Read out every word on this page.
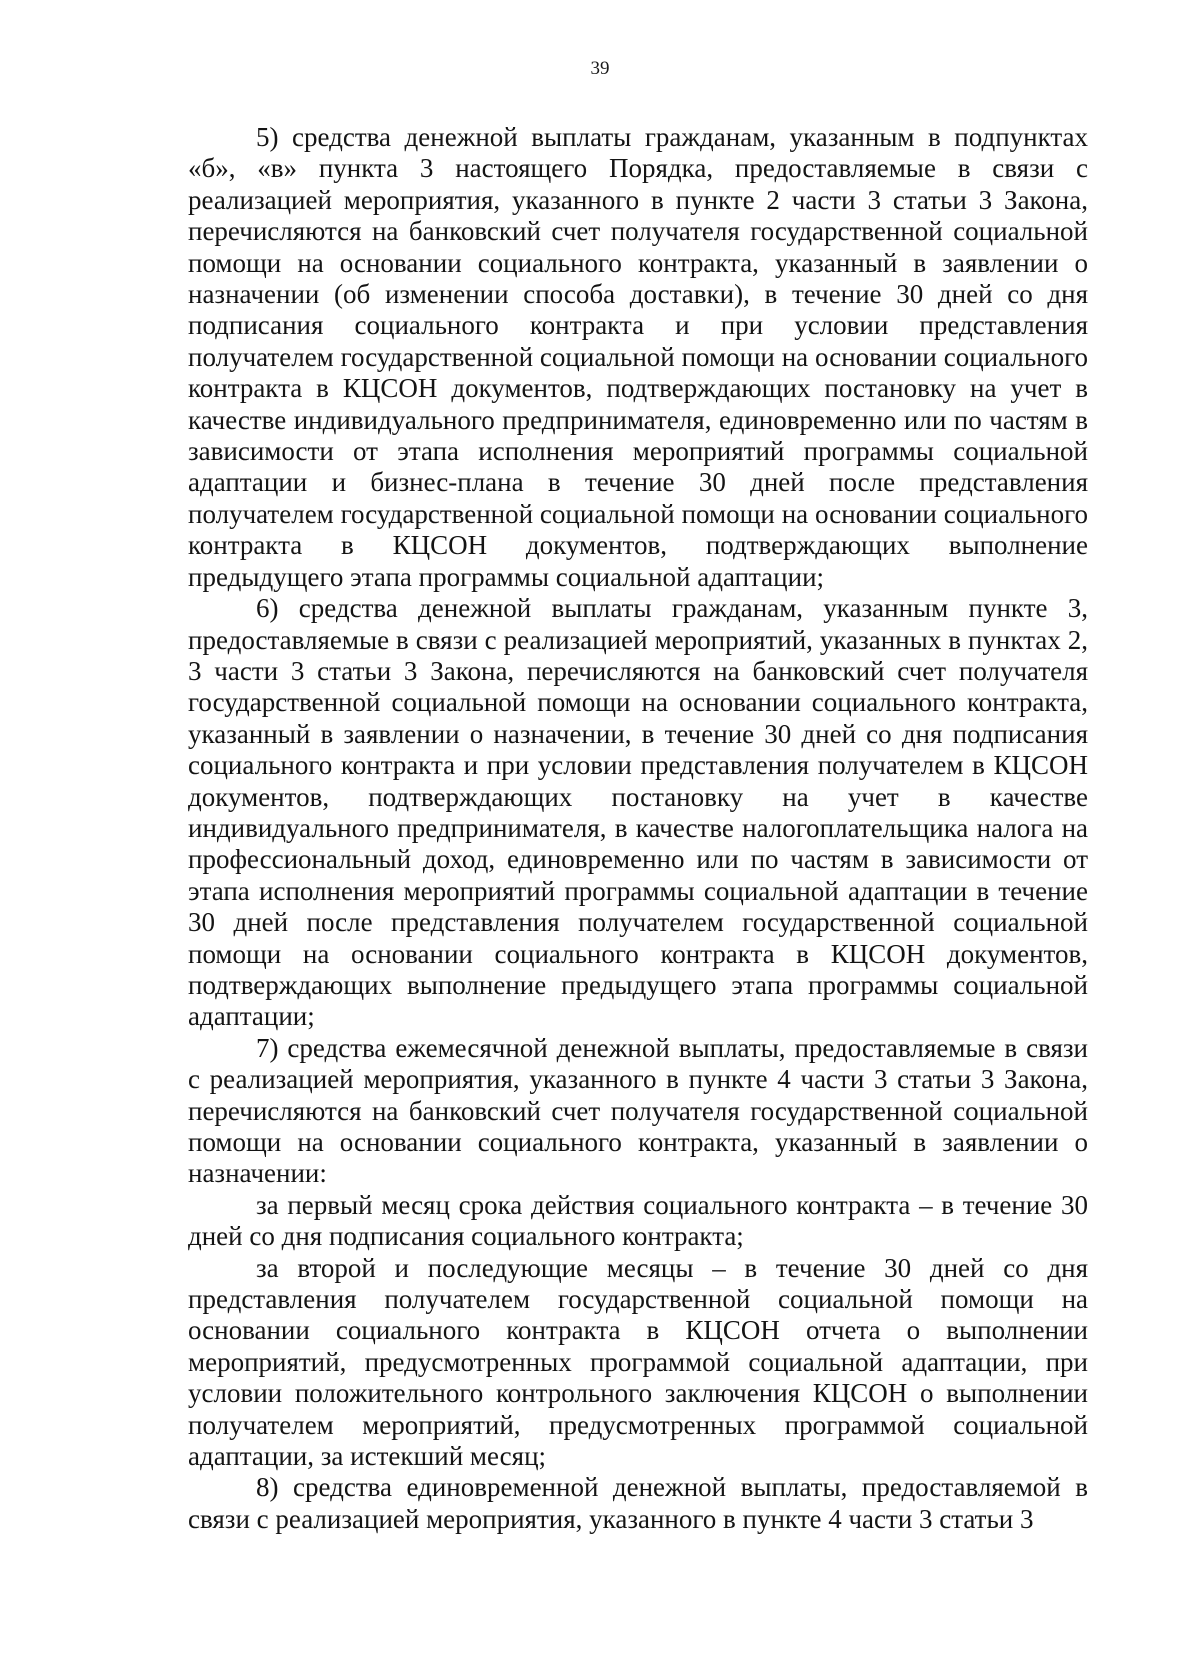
39

5) средства денежной выплаты гражданам, указанным в подпунктах «б», «в» пункта 3 настоящего Порядка, предоставляемые в связи с реализацией мероприятия, указанного в пункте 2 части 3 статьи 3 Закона, перечисляются на банковский счет получателя государственной социальной помощи на основании социального контракта, указанный в заявлении о назначении (об изменении способа доставки), в течение 30 дней со дня подписания социального контракта и при условии представления получателем государственной социальной помощи на основании социального контракта в КЦСОН документов, подтверждающих постановку на учет в качестве индивидуального предпринимателя, единовременно или по частям в зависимости от этапа исполнения мероприятий программы социальной адаптации и бизнес-плана в течение 30 дней после представления получателем государственной социальной помощи на основании социального контракта в КЦСОН документов, подтверждающих выполнение предыдущего этапа программы социальной адаптации;

6) средства денежной выплаты гражданам, указанным пункте 3, предоставляемые в связи с реализацией мероприятий, указанных в пунктах 2, 3 части 3 статьи 3 Закона, перечисляются на банковский счет получателя государственной социальной помощи на основании социального контракта, указанный в заявлении о назначении, в течение 30 дней со дня подписания социального контракта и при условии представления получателем в КЦСОН документов, подтверждающих постановку на учет в качестве индивидуального предпринимателя, в качестве налогоплательщика налога на профессиональный доход, единовременно или по частям в зависимости от этапа исполнения мероприятий программы социальной адаптации в течение 30 дней после представления получателем государственной социальной помощи на основании социального контракта в КЦСОН документов, подтверждающих выполнение предыдущего этапа программы социальной адаптации;

7) средства ежемесячной денежной выплаты, предоставляемые в связи с реализацией мероприятия, указанного в пункте 4 части 3 статьи 3 Закона, перечисляются на банковский счет получателя государственной социальной помощи на основании социального контракта, указанный в заявлении о назначении:

за первый месяц срока действия социального контракта – в течение 30 дней со дня подписания социального контракта;

за второй и последующие месяцы – в течение 30 дней со дня представления получателем государственной социальной помощи на основании социального контракта в КЦСОН отчета о выполнении мероприятий, предусмотренных программой социальной адаптации, при условии положительного контрольного заключения КЦСОН о выполнении получателем мероприятий, предусмотренных программой социальной адаптации, за истекший месяц;

8) средства единовременной денежной выплаты, предоставляемой в связи с реализацией мероприятия, указанного в пункте 4 части 3 статьи 3
